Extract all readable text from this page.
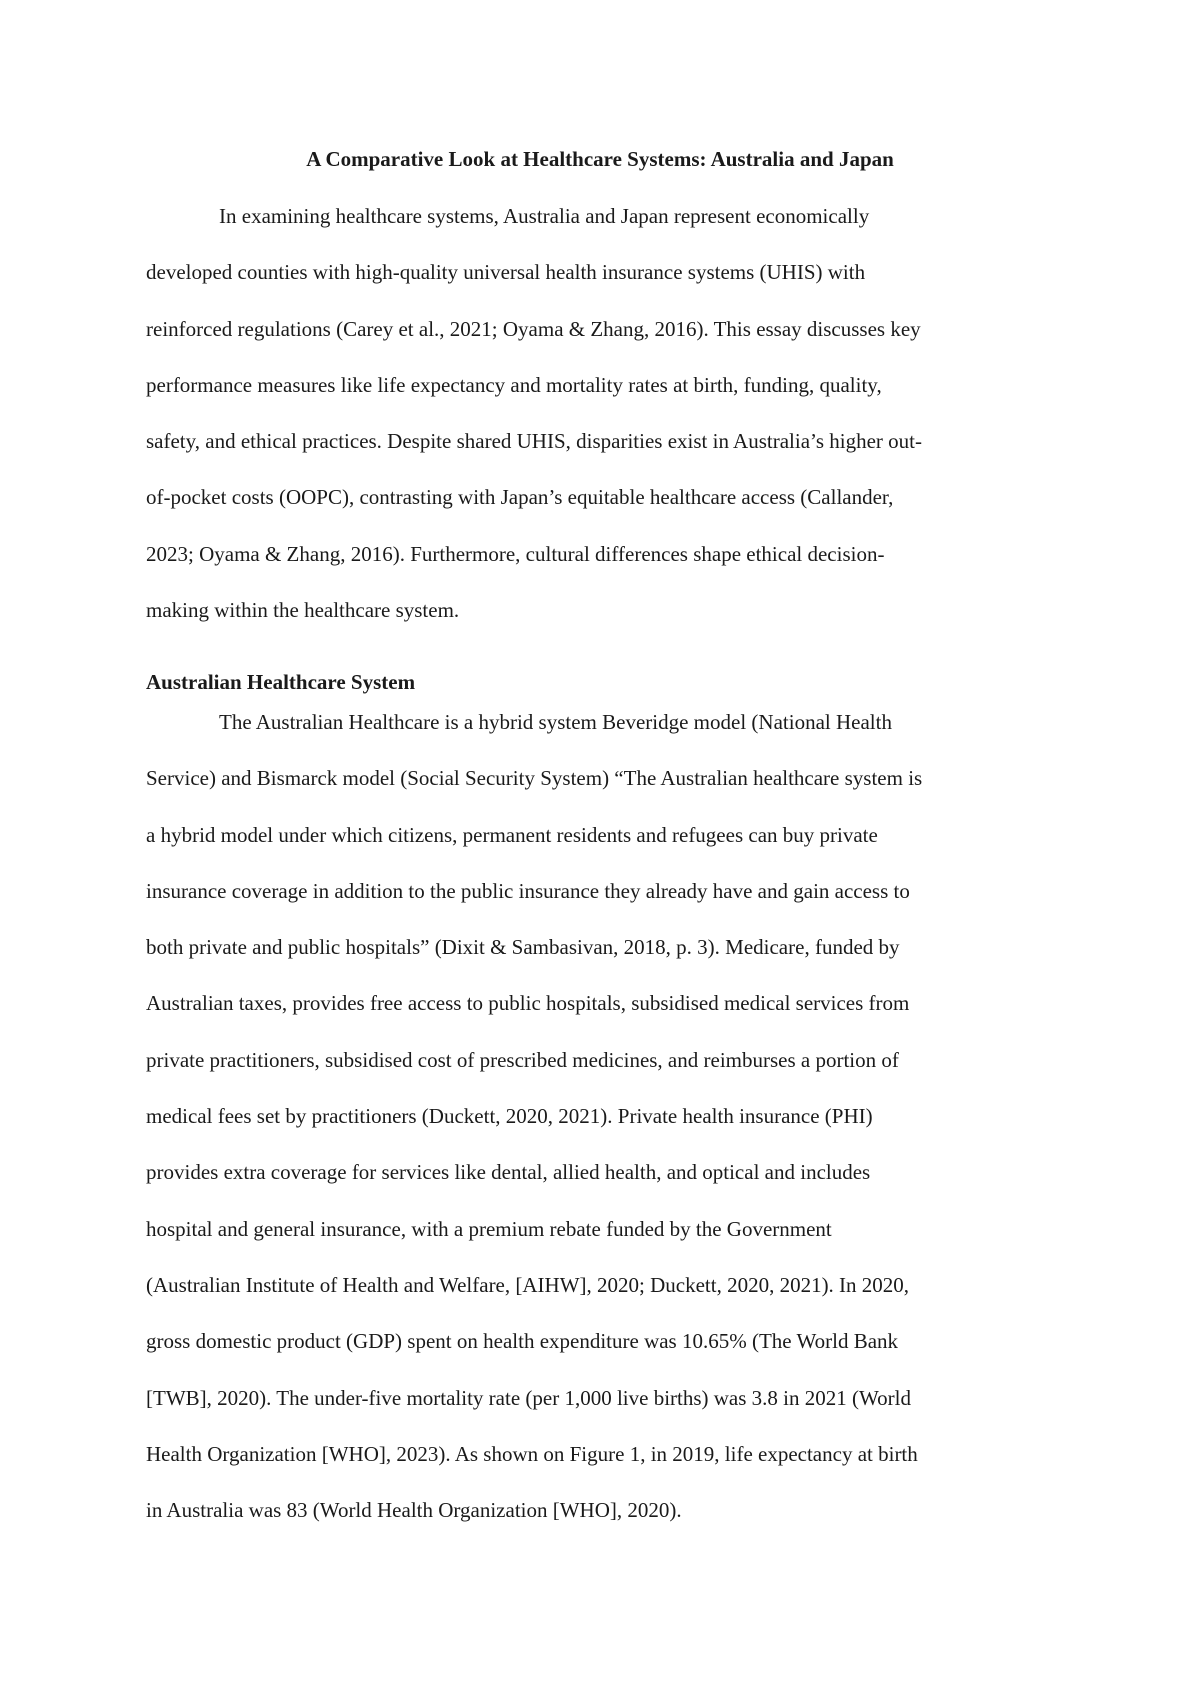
A Comparative Look at Healthcare Systems: Australia and Japan

In examining healthcare systems, Australia and Japan represent economically
developed counties with high-quality universal health insurance systems (UHIS) with
reinforced regulations (Carey et al., 2021; Oyama & Zhang, 2016). This essay discusses key
performance measures like life expectancy and mortality rates at birth, funding, quality,
safety, and ethical practices. Despite shared UHIS, disparities exist in Australia’s higher out-
of-pocket costs (OOPC), contrasting with Japan’s equitable healthcare access (Callander,
2023; Oyama & Zhang, 2016). Furthermore, cultural differences shape ethical decision-
making within the healthcare system.

Australian Healthcare System

The Australian Healthcare is a hybrid system Beveridge model (National Health
Service) and Bismarck model (Social Security System) “The Australian healthcare system is
a hybrid model under which citizens, permanent residents and refugees can buy private
insurance coverage in addition to the public insurance they already have and gain access to
both private and public hospitals” (Dixit & Sambasivan, 2018, p. 3). Medicare, funded by
Australian taxes, provides free access to public hospitals, subsidised medical services from
private practitioners, subsidised cost of prescribed medicines, and reimburses a portion of
medical fees set by practitioners (Duckett, 2020, 2021). Private health insurance (PHI)
provides extra coverage for services like dental, allied health, and optical and includes
hospital and general insurance, with a premium rebate funded by the Government
(Australian Institute of Health and Welfare, [AIHW], 2020; Duckett, 2020, 2021). In 2020,
gross domestic product (GDP) spent on health expenditure was 10.65% (The World Bank
[TWB], 2020). The under-five mortality rate (per 1,000 live births) was 3.8 in 2021 (World
Health Organization [WHO], 2023). As shown on Figure 1, in 2019, life expectancy at birth
in Australia was 83 (World Health Organization [WHO], 2020).
